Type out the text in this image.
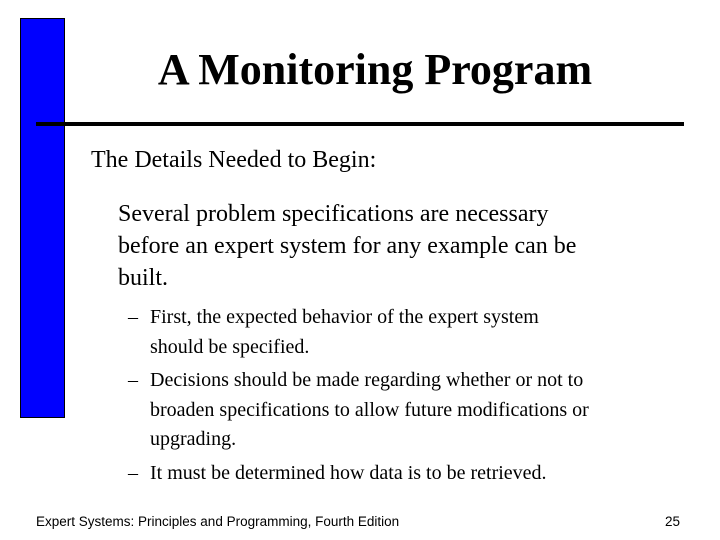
A Monitoring Program
The Details Needed to Begin:
Several problem specifications are necessary
before an expert system for any example can be
built.
– First, the expected behavior of the expert system
should be specified.
– Decisions should be made regarding whether or not to
broaden specifications to allow future modifications or
upgrading.
– It must be determined how data is to be retrieved.
Expert Systems: Principles and Programming, Fourth Edition	25
